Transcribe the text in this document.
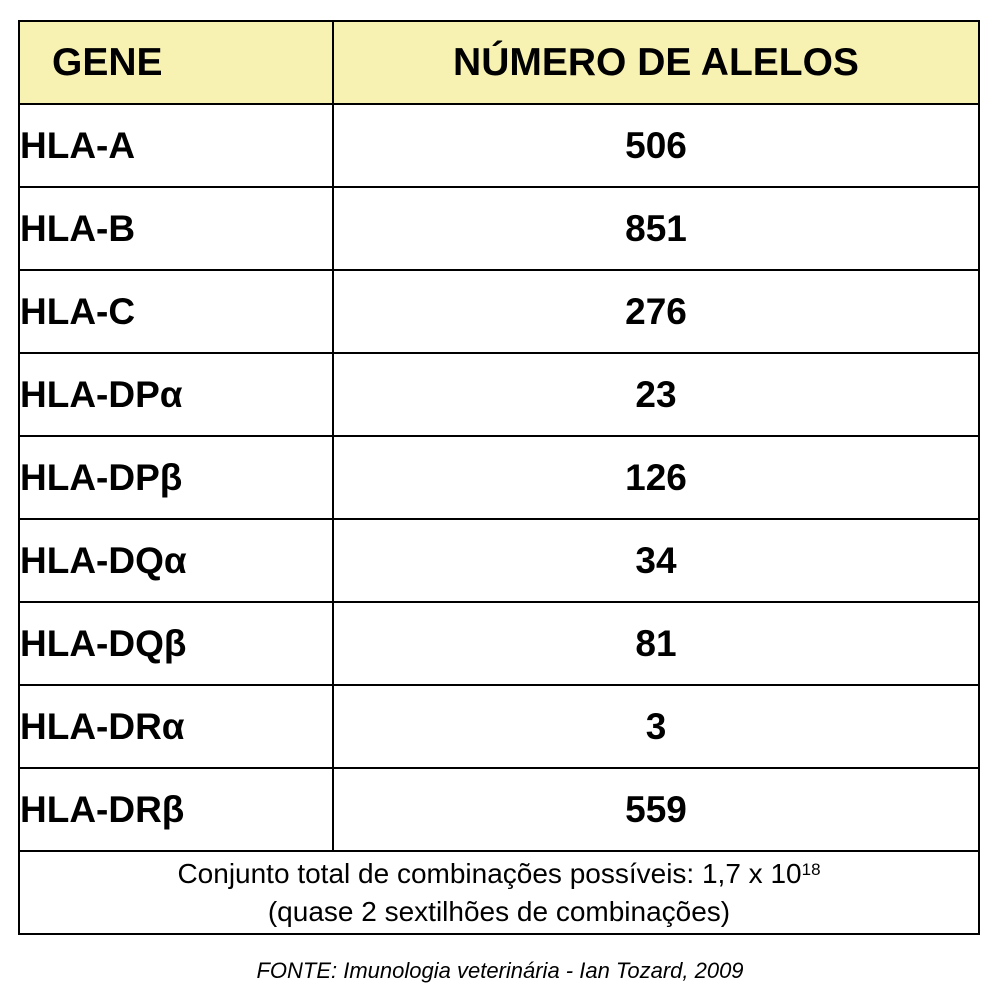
GENE	NÚMERO DE ALELOS
HLA-A	506
HLA-B	851
HLA-C	276
HLA-DPα	23
HLA-DPβ	126
HLA-DQα	34
HLA-DQβ	81
HLA-DRα	3
HLA-DRβ	559
Conjunto total de combinações possíveis: 1,7 x $10^{18}$
(quase 2 sextilhões de combinações)	
FONTE: Imunologia veterinária - Ian Tozard, 2009
